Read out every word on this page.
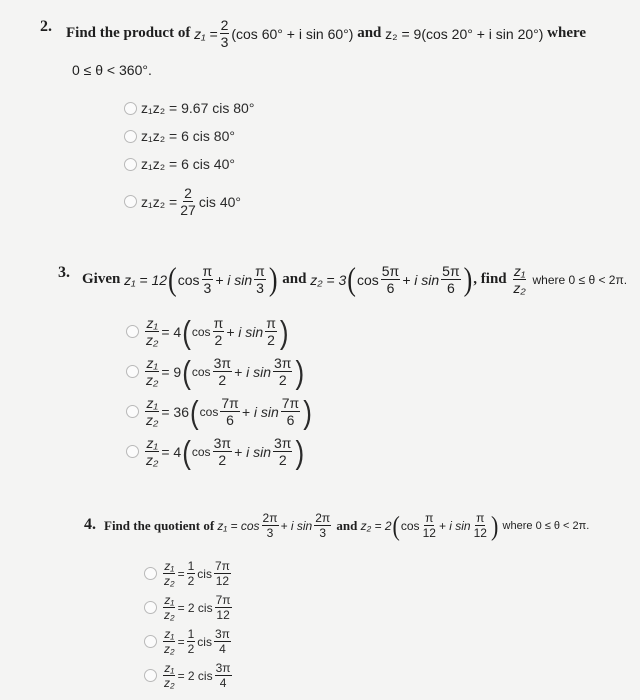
2. Find the product of
$z_1 = \frac{2}{3} (\cos$ 60° + i sin 60°)
and
z₂ = 9(cos 20° + i sin 20°)
where
0 ≤ θ < 360°.
z₁z₂ = 9.67 cis 80°
z₁z₂ = 6 cis 80°
z₁z₂ = 6 cis 40°
$z_1z_2 = \frac{2}{27}$ cis 40°
3. Given
z₁ = 12 ( $\cos \frac{\pi}{3} + i$ $\sin \frac{\pi}{3}$ )
and
z₂ = 3 ( $\cos \frac{5\pi}{6} + i$ $\sin \frac{5\pi}{6}$ ) , find
$\frac{\text{z₁}}{\text{z₂}}$
where 0 ≤ θ < 2π.
$\frac{\text{z₁}}{\text{z₂}} = 4$ ( $\cos \frac{\pi}{2} + i$ $\sin \frac{\pi}{2}$ )
$\frac{\text{z₁}}{\text{z₂}} = 9$ ( $\cos \frac{3\pi}{2} + i$ $\sin \frac{3\pi}{2}$ )
$\frac{\text{z₁}}{\text{z₂}} = 36$ ( $\cos \frac{7\pi}{6} + i$ $\sin \frac{7\pi}{6}$ )
$\frac{\text{z₁}}{\text{z₂}} = 4$ ( $\cos \frac{3\pi}{2} + i$ $\sin \frac{3\pi}{2}$ )
4. Find the quotient of
$z_1 = \cos \frac{2\pi}{3} + i$ $\sin \frac{2\pi}{3}$
and
z₂ = 2 ( $\cos \frac{\pi}{12} + i$ $\sin \frac{\pi}{12}$ )
where 0 ≤ θ < 2π.
$\frac{\text{z₁}}{\text{z₂}} = \frac{1}{2}$ cis $\frac{7\pi}{12}$
$\frac{\text{z₁}}{\text{z₂}} = 2$ cis $\frac{7\pi}{12}$
$\frac{\text{z₁}}{\text{z₂}} = \frac{1}{2}$ cis $\frac{3\pi}{4}$
$\frac{\text{z₁}}{\text{z₂}} = 2$ cis $\frac{3\pi}{4}$
